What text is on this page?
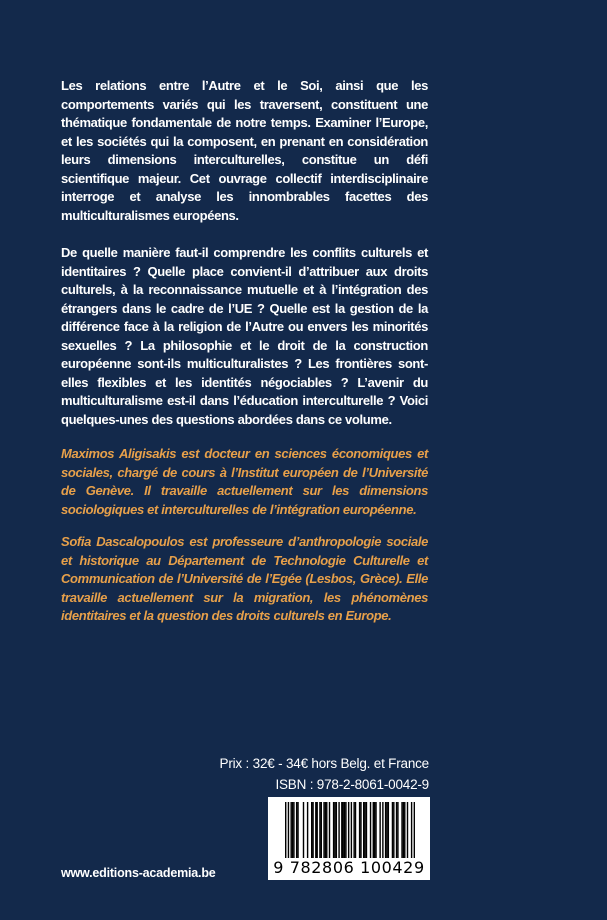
Les relations entre l’Autre et le Soi, ainsi que les comportements variés qui les traversent, constituent une thématique fondamentale de notre temps. Examiner l’Europe, et les sociétés qui la composent, en prenant en considération leurs dimensions interculturelles, constitue un défi scientifique majeur. Cet ouvrage collectif interdisciplinaire interroge et analyse les innombrables facettes des multiculturalismes européens.

De quelle manière faut-il comprendre les conflits culturels et identitaires ? Quelle place convient-il d’attribuer aux droits culturels, à la reconnaissance mutuelle et à l’intégration des étrangers dans le cadre de l’UE ? Quelle est la gestion de la différence face à la religion de l’Autre ou envers les minorités sexuelles ? La philosophie et le droit de la construction européenne sont-ils multiculturalistes ? Les frontières sont-elles flexibles et les identités négociables ? L’avenir du multiculturalisme est-il dans l’éducation interculturelle ? Voici quelques-unes des questions abordées dans ce volume.

Maximos Aligisakis est docteur en sciences économiques et sociales, chargé de cours à l’Institut européen de l’Université de Genève. Il travaille actuellement sur les dimensions sociologiques et interculturelles de l’intégration européenne.

Sofia Dascalopoulos est professeure d’anthropologie sociale et historique au Département de Technologie Culturelle et Communication de l’Université de l’Egée (Lesbos, Grèce). Elle travaille actuellement sur la migration, les phénomènes identitaires et la question des droits culturels en Europe.

Prix : 32€ - 34€ hors Belg. et France
ISBN : 978-2-8061-0042-9
9 782806 100429
www.editions-academia.be
